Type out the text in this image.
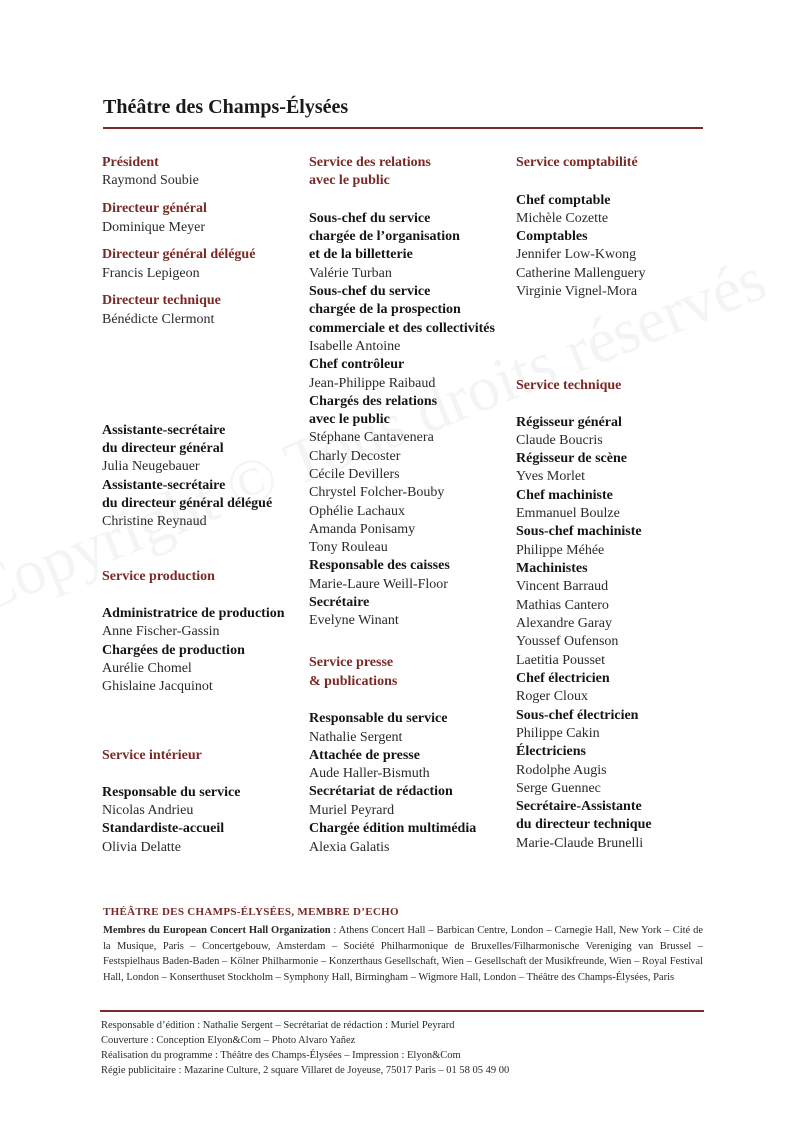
Théâtre des Champs-Élysées
Président
Raymond Soubie
Directeur général
Dominique Meyer
Directeur général délégué
Francis Lepigeon
Directeur technique
Bénédicte Clermont
Assistante-secrétaire
du directeur général
Julia Neugebauer
Assistante-secrétaire
du directeur général délégué
Christine Reynaud
Service production
Administratrice de production
Anne Fischer-Gassin
Chargées de production
Aurélie Chomel
Ghislaine Jacquinot
Service intérieur
Responsable du service
Nicolas Andrieu
Standardiste-accueil
Olivia Delatte
Service des relations
avec le public
Sous-chef du service
chargée de l’organisation
et de la billetterie
Valérie Turban
Sous-chef du service
chargée de la prospection
commerciale et des collectivités
Isabelle Antoine
Chef contrôleur
Jean-Philippe Raibaud
Chargés des relations
avec le public
Stéphane Cantavenera
Charly Decoster
Cécile Devillers
Chrystel Folcher-Bouby
Ophélie Lachaux
Amanda Ponisamy
Tony Rouleau
Responsable des caisses
Marie-Laure Weill-Floor
Secrétaire
Evelyne Winant
Service presse
& publications
Responsable du service
Nathalie Sergent
Attachée de presse
Aude Haller-Bismuth
Secrétariat de rédaction
Muriel Peyrard
Chargée édition multimédia
Alexia Galatis
Service comptabilité
Chef comptable
Michèle Cozette
Comptables
Jennifer Low-Kwong
Catherine Mallenguery
Virginie Vignel-Mora
Service technique
Régisseur général
Claude Boucris
Régisseur de scène
Yves Morlet
Chef machiniste
Emmanuel Boulze
Sous-chef machiniste
Philippe Méhée
Machinistes
Vincent Barraud
Mathias Cantero
Alexandre Garay
Youssef Oufenson
Laetitia Pousset
Chef électricien
Roger Cloux
Sous-chef électricien
Philippe Cakin
Électriciens
Rodolphe Augis
Serge Guennec
Secrétaire-Assistante
du directeur technique
Marie-Claude Brunelli
THÉÂTRE DES CHAMPS-ÉLYSÉES, MEMBRE D’ECHO
Membres du European Concert Hall Organization : Athens Concert Hall – Barbican Centre, London – Carnegie Hall, New York – Cité de la Musique, Paris – Concertgebouw, Amsterdam – Société Philharmonique de Bruxelles/Filharmonische Vereniging van Brussel – Festspielhaus Baden-Baden – Kölner Philharmonie – Konzerthaus Gesellschaft, Wien – Gesellschaft der Musikfreunde, Wien – Royal Festival Hall, London – Konserthuset Stockholm – Symphony Hall, Birmingham – Wigmore Hall, London – Théâtre des Champs-Élysées, Paris
Responsable d’édition : Nathalie Sergent – Secrétariat de rédaction : Muriel Peyrard
Couverture : Conception Elyon&Com – Photo Alvaro Yañez
Réalisation du programme : Théâtre des Champs-Élysées – Impression : Elyon&Com
Régie publicitaire : Mazarine Culture, 2 square Villaret de Joyeuse, 75017 Paris – 01 58 05 49 00
